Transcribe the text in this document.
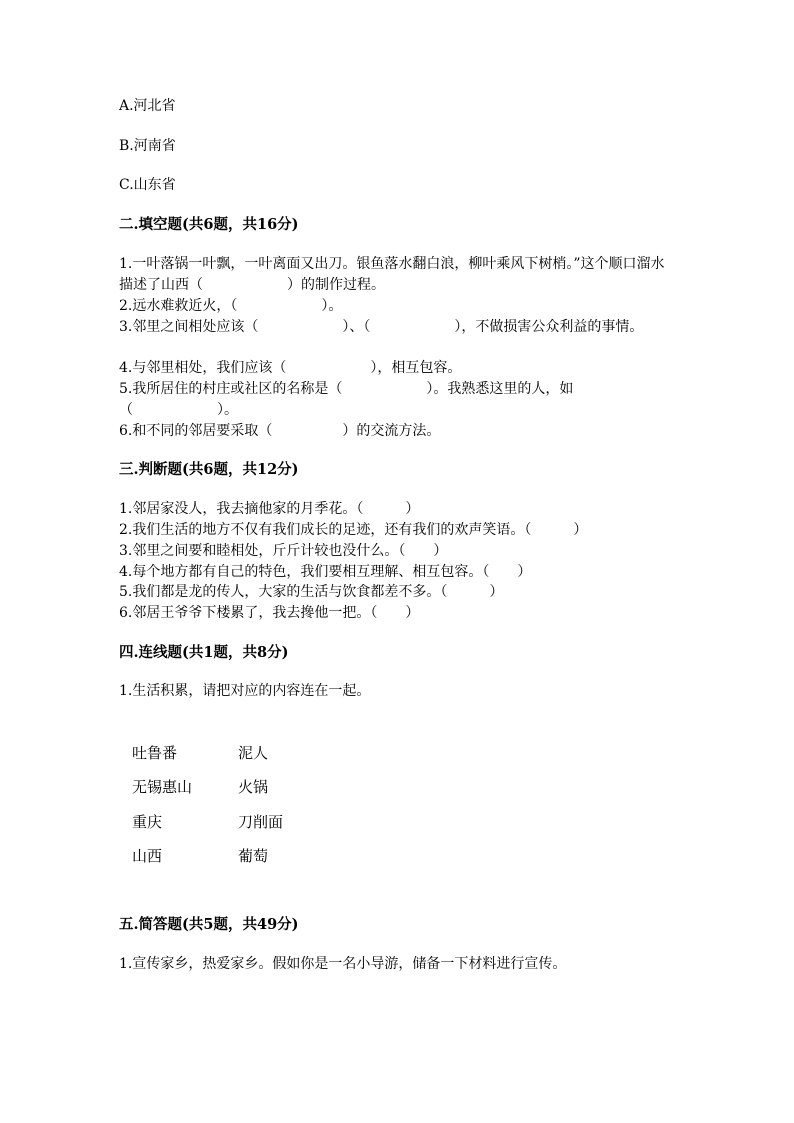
A.河北省
B.河南省
C.山东省
二.填空题(共6题，共16分)
1.一叶落锅一叶飘，一叶离面又出刀。银鱼落水翻白浪，柳叶乘风下树梢。”这个顺口溜水描述了山西（　　　　　　）的制作过程。
2.远水难救近火，（　　　　　　）。
3.邻里之间相处应该（　　　　　　）、（　　　　　　），不做损害公众利益的事情。
4.与邻里相处，我们应该（　　　　　　），相互包容。
5.我所居住的村庄或社区的名称是（　　　　　　）。我熟悉这里的人，如（　　　　　　）。
6.和不同的邻居要采取（　　　　　）的交流方法。
三.判断题(共6题，共12分)
1.邻居家没人，我去摘他家的月季花。（　　　）
2.我们生活的地方不仅有我们成长的足迹，还有我们的欢声笑语。（　　　）
3.邻里之间要和睦相处，斤斤计较也没什么。（　　）
4.每个地方都有自己的特色，我们要相互理解、相互包容。（　　）
5.我们都是龙的传人，大家的生活与饮食都差不多。（　　　）
6.邻居王爷爷下楼累了，我去搀他一把。（　　）
四.连线题(共1题，共8分)
1.生活积累，请把对应的内容连在一起。
吐鲁番
无锡惠山
重庆
山西
泥人
火锅
刀削面
葡萄
五.简答题(共5题，共49分)
1.宣传家乡，热爱家乡。假如你是一名小导游，储备一下材料进行宣传。
